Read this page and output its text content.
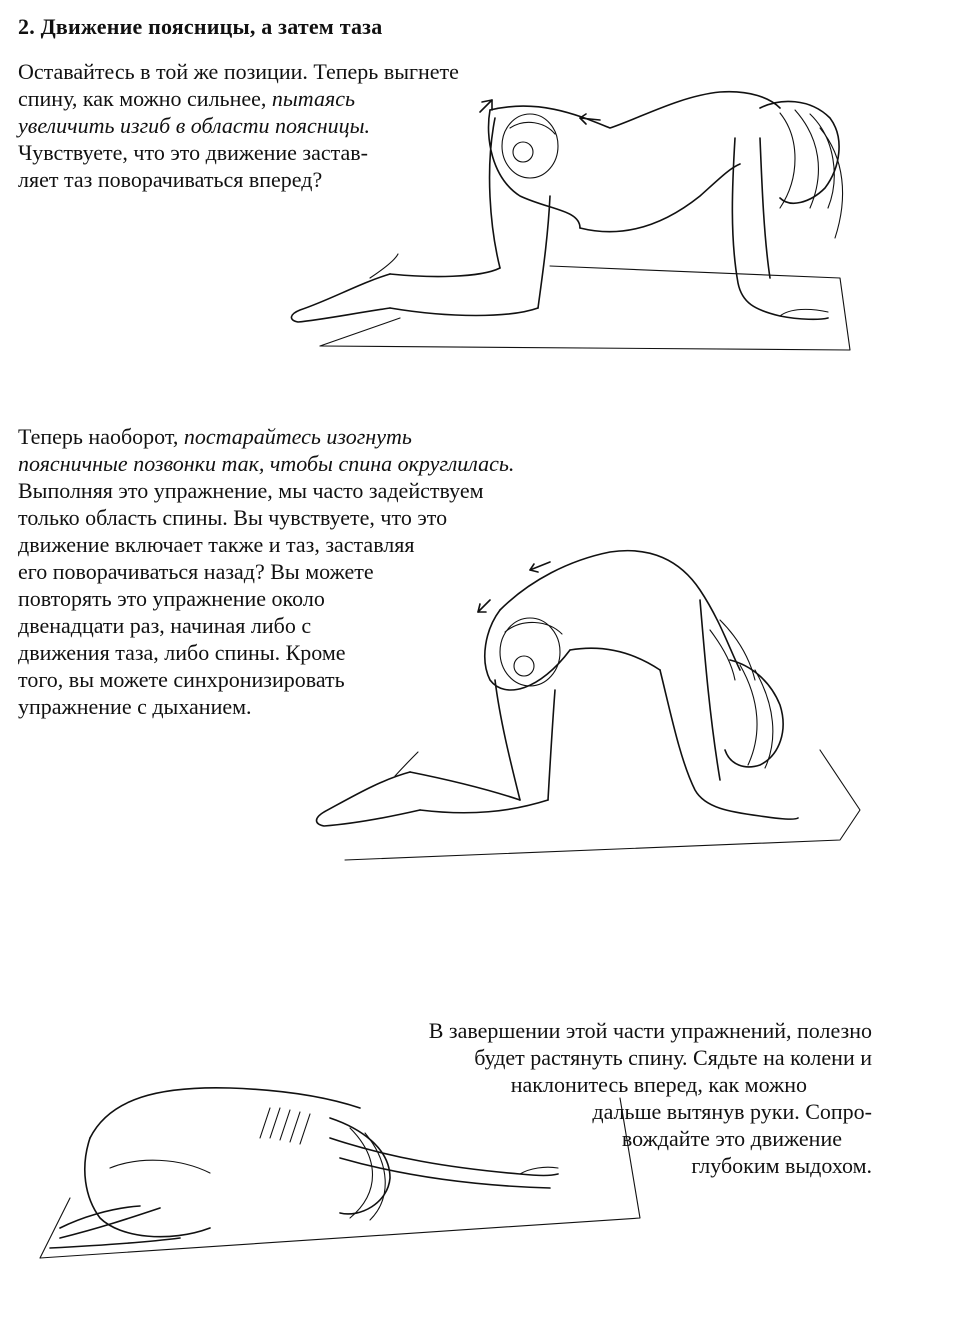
2. Движение поясницы, а затем таза
Оставайтесь в той же позиции. Теперь выгнете
спину, как можно сильнее, пытаясь
увеличить изгиб в области поясницы.
Чувствуете, что это движение застав-
ляет таз поворачиваться вперед?
Теперь наоборот, постарайтесь изогнуть
поясничные позвонки так, чтобы спина округлилась.
Выполняя это упражнение, мы часто задействуем
только область спины. Вы чувствуете, что это
движение включает также и таз, заставляя
его поворачиваться назад? Вы можете
повторять это упражнение около
двенадцати раз, начиная либо с
движения таза, либо спины. Кроме
того, вы можете синхронизировать
упражнение с дыханием.
В завершении этой части упражнений, полезно
будет растянуть спину. Сядьте на колени и
наклонитесь вперед, как можно
дальше вытянув руки. Сопро-
вождайте это движение
глубоким выдохом.
